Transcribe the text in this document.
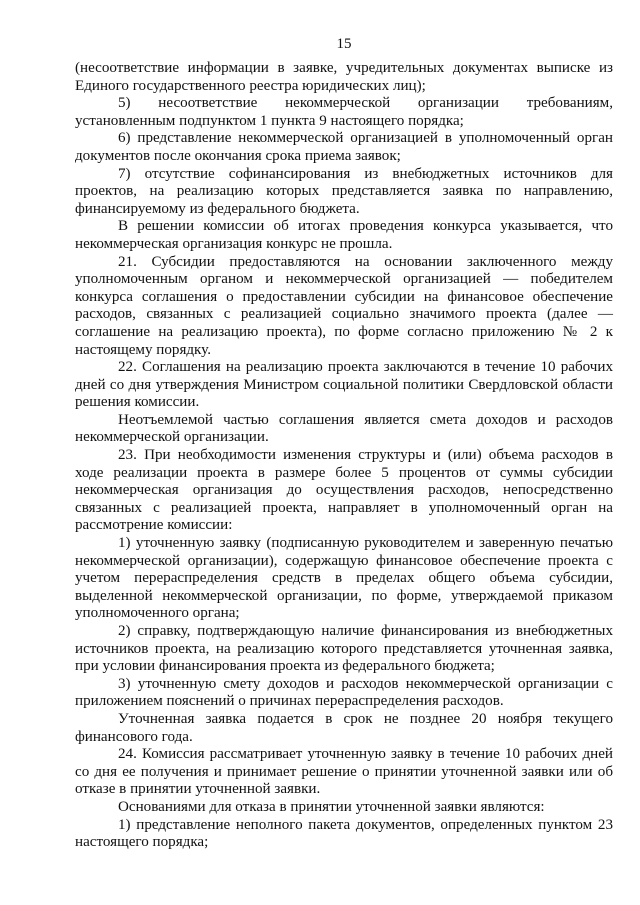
15

(несоответствие информации в заявке, учредительных документах выписке из Единого государственного реестра юридических лиц);

5) несоответствие некоммерческой организации требованиям, установленным подпунктом 1 пункта 9 настоящего порядка;

6) представление некоммерческой организацией в уполномоченный орган документов после окончания срока приема заявок;

7) отсутствие софинансирования из внебюджетных источников для проектов, на реализацию которых представляется заявка по направлению, финансируемому из федерального бюджета.

В решении комиссии об итогах проведения конкурса указывается, что некоммерческая организация конкурс не прошла.

21. Субсидии предоставляются на основании заключенного между уполномоченным органом и некоммерческой организацией — победителем конкурса соглашения о предоставлении субсидии на финансовое обеспечение расходов, связанных с реализацией социально значимого проекта (далее — соглашение на реализацию проекта), по форме согласно приложению № 2 к настоящему порядку.

22. Соглашения на реализацию проекта заключаются в течение 10 рабочих дней со дня утверждения Министром социальной политики Свердловской области решения комиссии.

Неотъемлемой частью соглашения является смета доходов и расходов некоммерческой организации.

23. При необходимости изменения структуры и (или) объема расходов в ходе реализации проекта в размере более 5 процентов от суммы субсидии некоммерческая организация до осуществления расходов, непосредственно связанных с реализацией проекта, направляет в уполномоченный орган на рассмотрение комиссии:

1) уточненную заявку (подписанную руководителем и заверенную печатью некоммерческой организации), содержащую финансовое обеспечение проекта с учетом перераспределения средств в пределах общего объема субсидии, выделенной некоммерческой организации, по форме, утверждаемой приказом уполномоченного органа;

2) справку, подтверждающую наличие финансирования из внебюджетных источников проекта, на реализацию которого представляется уточненная заявка, при условии финансирования проекта из федерального бюджета;

3) уточненную смету доходов и расходов некоммерческой организации с приложением пояснений о причинах перераспределения расходов.

Уточненная заявка подается в срок не позднее 20 ноября текущего финансового года.

24. Комиссия рассматривает уточненную заявку в течение 10 рабочих дней со дня ее получения и принимает решение о принятии уточненной заявки или об отказе в принятии уточненной заявки.

Основаниями для отказа в принятии уточненной заявки являются:

1) представление неполного пакета документов, определенных пунктом 23 настоящего порядка;
